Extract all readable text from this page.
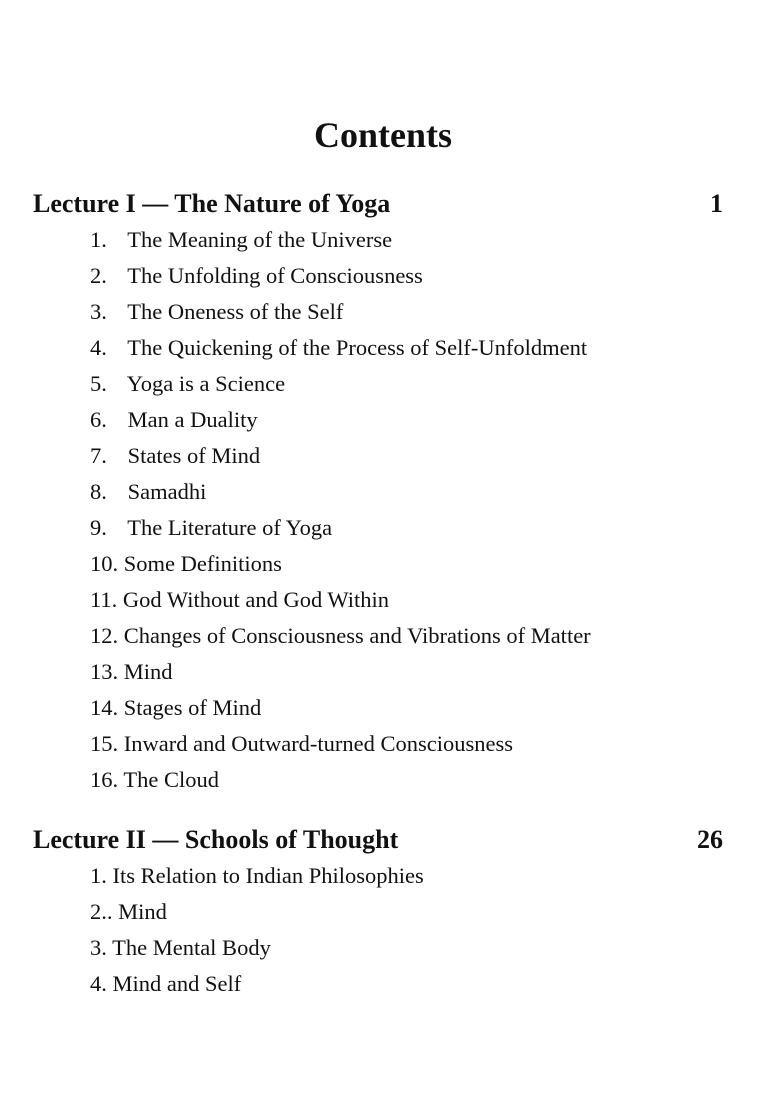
Contents
Lecture I — The Nature of Yoga	1
1. The Meaning of the Universe
2. The Unfolding of Consciousness
3. The Oneness of the Self
4. The Quickening of the Process of Self-Unfoldment
5. Yoga is a Science
6. Man a Duality
7. States of Mind
8. Samadhi
9. The Literature of Yoga
10. Some Definitions
11. God Without and God Within
12. Changes of Consciousness and Vibrations of Matter
13. Mind
14. Stages of Mind
15. Inward and Outward-turned Consciousness
16. The Cloud
Lecture II — Schools of Thought	26
1. Its Relation to Indian Philosophies
2.. Mind
3. The Mental Body
4. Mind and Self
